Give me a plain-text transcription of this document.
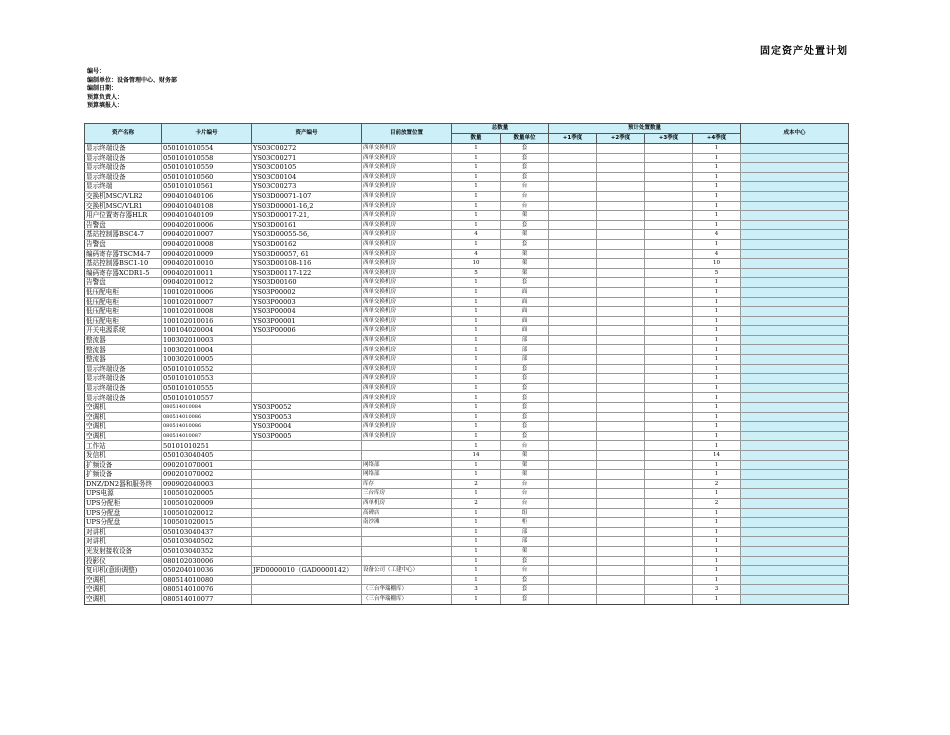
固定资产处置计划
编号：
编制单位：设备管理中心、财务部
编制日期：
预算负责人：
预算填报人：
资产名称	卡片编号	资产编号	目前放置位置	总数量		预计处置数量				成本中心
				数量	数量单位	+1季度	+2季度	+3季度	+4季度	
显示终端设备	050101010554	YS03C00272	西单交换机房	1	套				1	
显示终端设备	050101010558	YS03C00271	西单交换机房	1	套				1	
显示终端设备	050101010559	YS03C00105	西单交换机房	1	套				1	
显示终端设备	050101010560	YS03C00104	西单交换机房	1	套				1	
显示终端	050101010561	YS03C00273	西单交换机房	1	台				1	
交换机MSC/VLR2	090401040106	YS03D00071-107	西单交换机房	1	台				1	
交换机MSC/VLR1	090401040108	YS03D00001-16,2	西单交换机房	1	台				1	
用户位置寄存器HLR	090401040109	YS03D00017-21,	西单交换机房	1	架				1	
告警盘	090402010006	YS03D00161	西单交换机房	1	套				1	
基站控制器BSC4-7	090402010007	YS03D00055-56,	西单交换机房	4	架				4	
告警盘	090402010008	YS03D00162	西单交换机房	1	套				1	
编码寄存器TSCM4-7	090402010009	YS03D00057, 61	西单交换机房	4	架				4	
基站控制器BSC1-10	090402010010	YS03D00108-116	西单交换机房	10	架				10	
编码寄存器XCDR1-5	090402010011	YS03D00117-122	西单交换机房	5	架				5	
告警盘	090402010012	YS03D00160	西单交换机房	1	套				1	
低压配电柜	100102010006	YS03P00002	西单交换机房	1	面				1	
低压配电柜	100102010007	YS03P00003	西单交换机房	1	面				1	
低压配电柜	100102010008	YS03P00004	西单交换机房	1	面				1	
低压配电柜	100102010016	YS03P00001	西单交换机房	1	面				1	
开关电源系统	100104020004	YS03P00006	西单交换机房	1	面				1	
整流器	100302010003		西单交换机房	1	部				1	
整流器	100302010004		西单交换机房	1	部				1	
整流器	100302010005		西单交换机房	1	部				1	
显示终端设备	050101010552		西单交换机房	1	套				1	
显示终端设备	050101010553		西单交换机房	1	套				1	
显示终端设备	050101010555		西单交换机房	1	套				1	
显示终端设备	050101010557		西单交换机房	1	套				1	
空调机	080514010084	YS03P0052	西单交换机房	1	套				1	
空调机	080514010086	YS03P0053	西单交换机房	1	套				1	
空调机	080514010086	YS03P0004	西单交换机房	1	套				1	
空调机	080514010087	YS03P0005	西单交换机房	1	套				1	
工作站	50101010251			1	台				1	
发信机	050103040405			14	架				14	
扩频设备	090201070001		网络部	1	架				1	
扩频设备	090201070002		网络部	1	架				1	
DNZ/DN2器和服务终	090902040003		库存	2	台				2	
UPS电源	100501020005		三台库房	1	台				1	
UPS分配柜	100501020009		西单机房	2	台				2	
UPS分配盘	100501020012		高碑店	1	组				1	
UPS分配盘	100501020015		南沙滩	1	柜				1	
对讲机	050103040437			1	部				1	
对讲机	050103040502			1	部				1	
光发射接收设备	050103040352			1	架				1	
投影仪	080102030006			1	套				1	
复印机(意盼调整)	050204010036	JFD0000010（GAD0000142）	设备公司（工建中心）	1	台				1	
空调机	080514010080			1	套				1	
空调机	080514010076		（三台华瑞棚库）	3	套				3	
空调机	080514010077		（三台华瑞棚库）	1	套				1	
